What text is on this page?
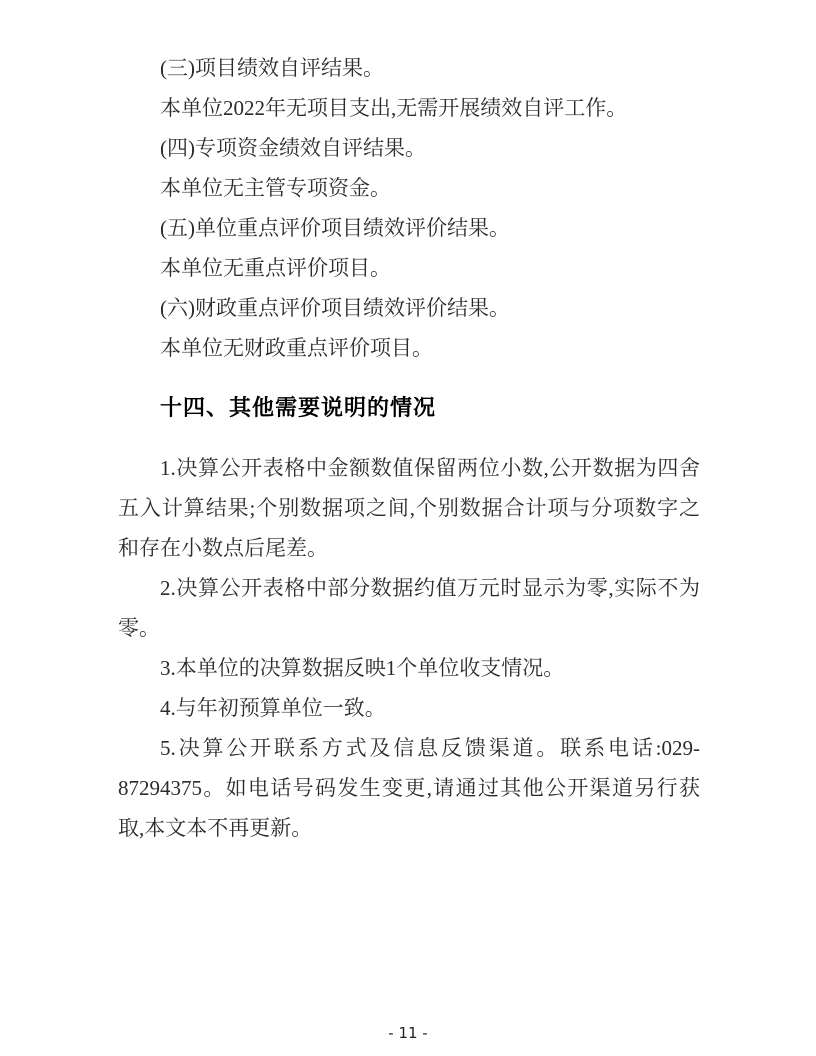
(三)项目绩效自评结果。
本单位2022年无项目支出,无需开展绩效自评工作。
(四)专项资金绩效自评结果。
本单位无主管专项资金。
(五)单位重点评价项目绩效评价结果。
本单位无重点评价项目。
(六)财政重点评价项目绩效评价结果。
本单位无财政重点评价项目。
十四、其他需要说明的情况
1.决算公开表格中金额数值保留两位小数,公开数据为四舍
五入计算结果;个别数据项之间,个别数据合计项与分项数字之
和存在小数点后尾差。
2.决算公开表格中部分数据约值万元时显示为零,实际不为
零。
3.本单位的决算数据反映1个单位收支情况。
4.与年初预算单位一致。
5.决算公开联系方式及信息反馈渠道。联系电话:029-
87294375。如电话号码发生变更,请通过其他公开渠道另行获
取,本文本不再更新。
- 11 -
